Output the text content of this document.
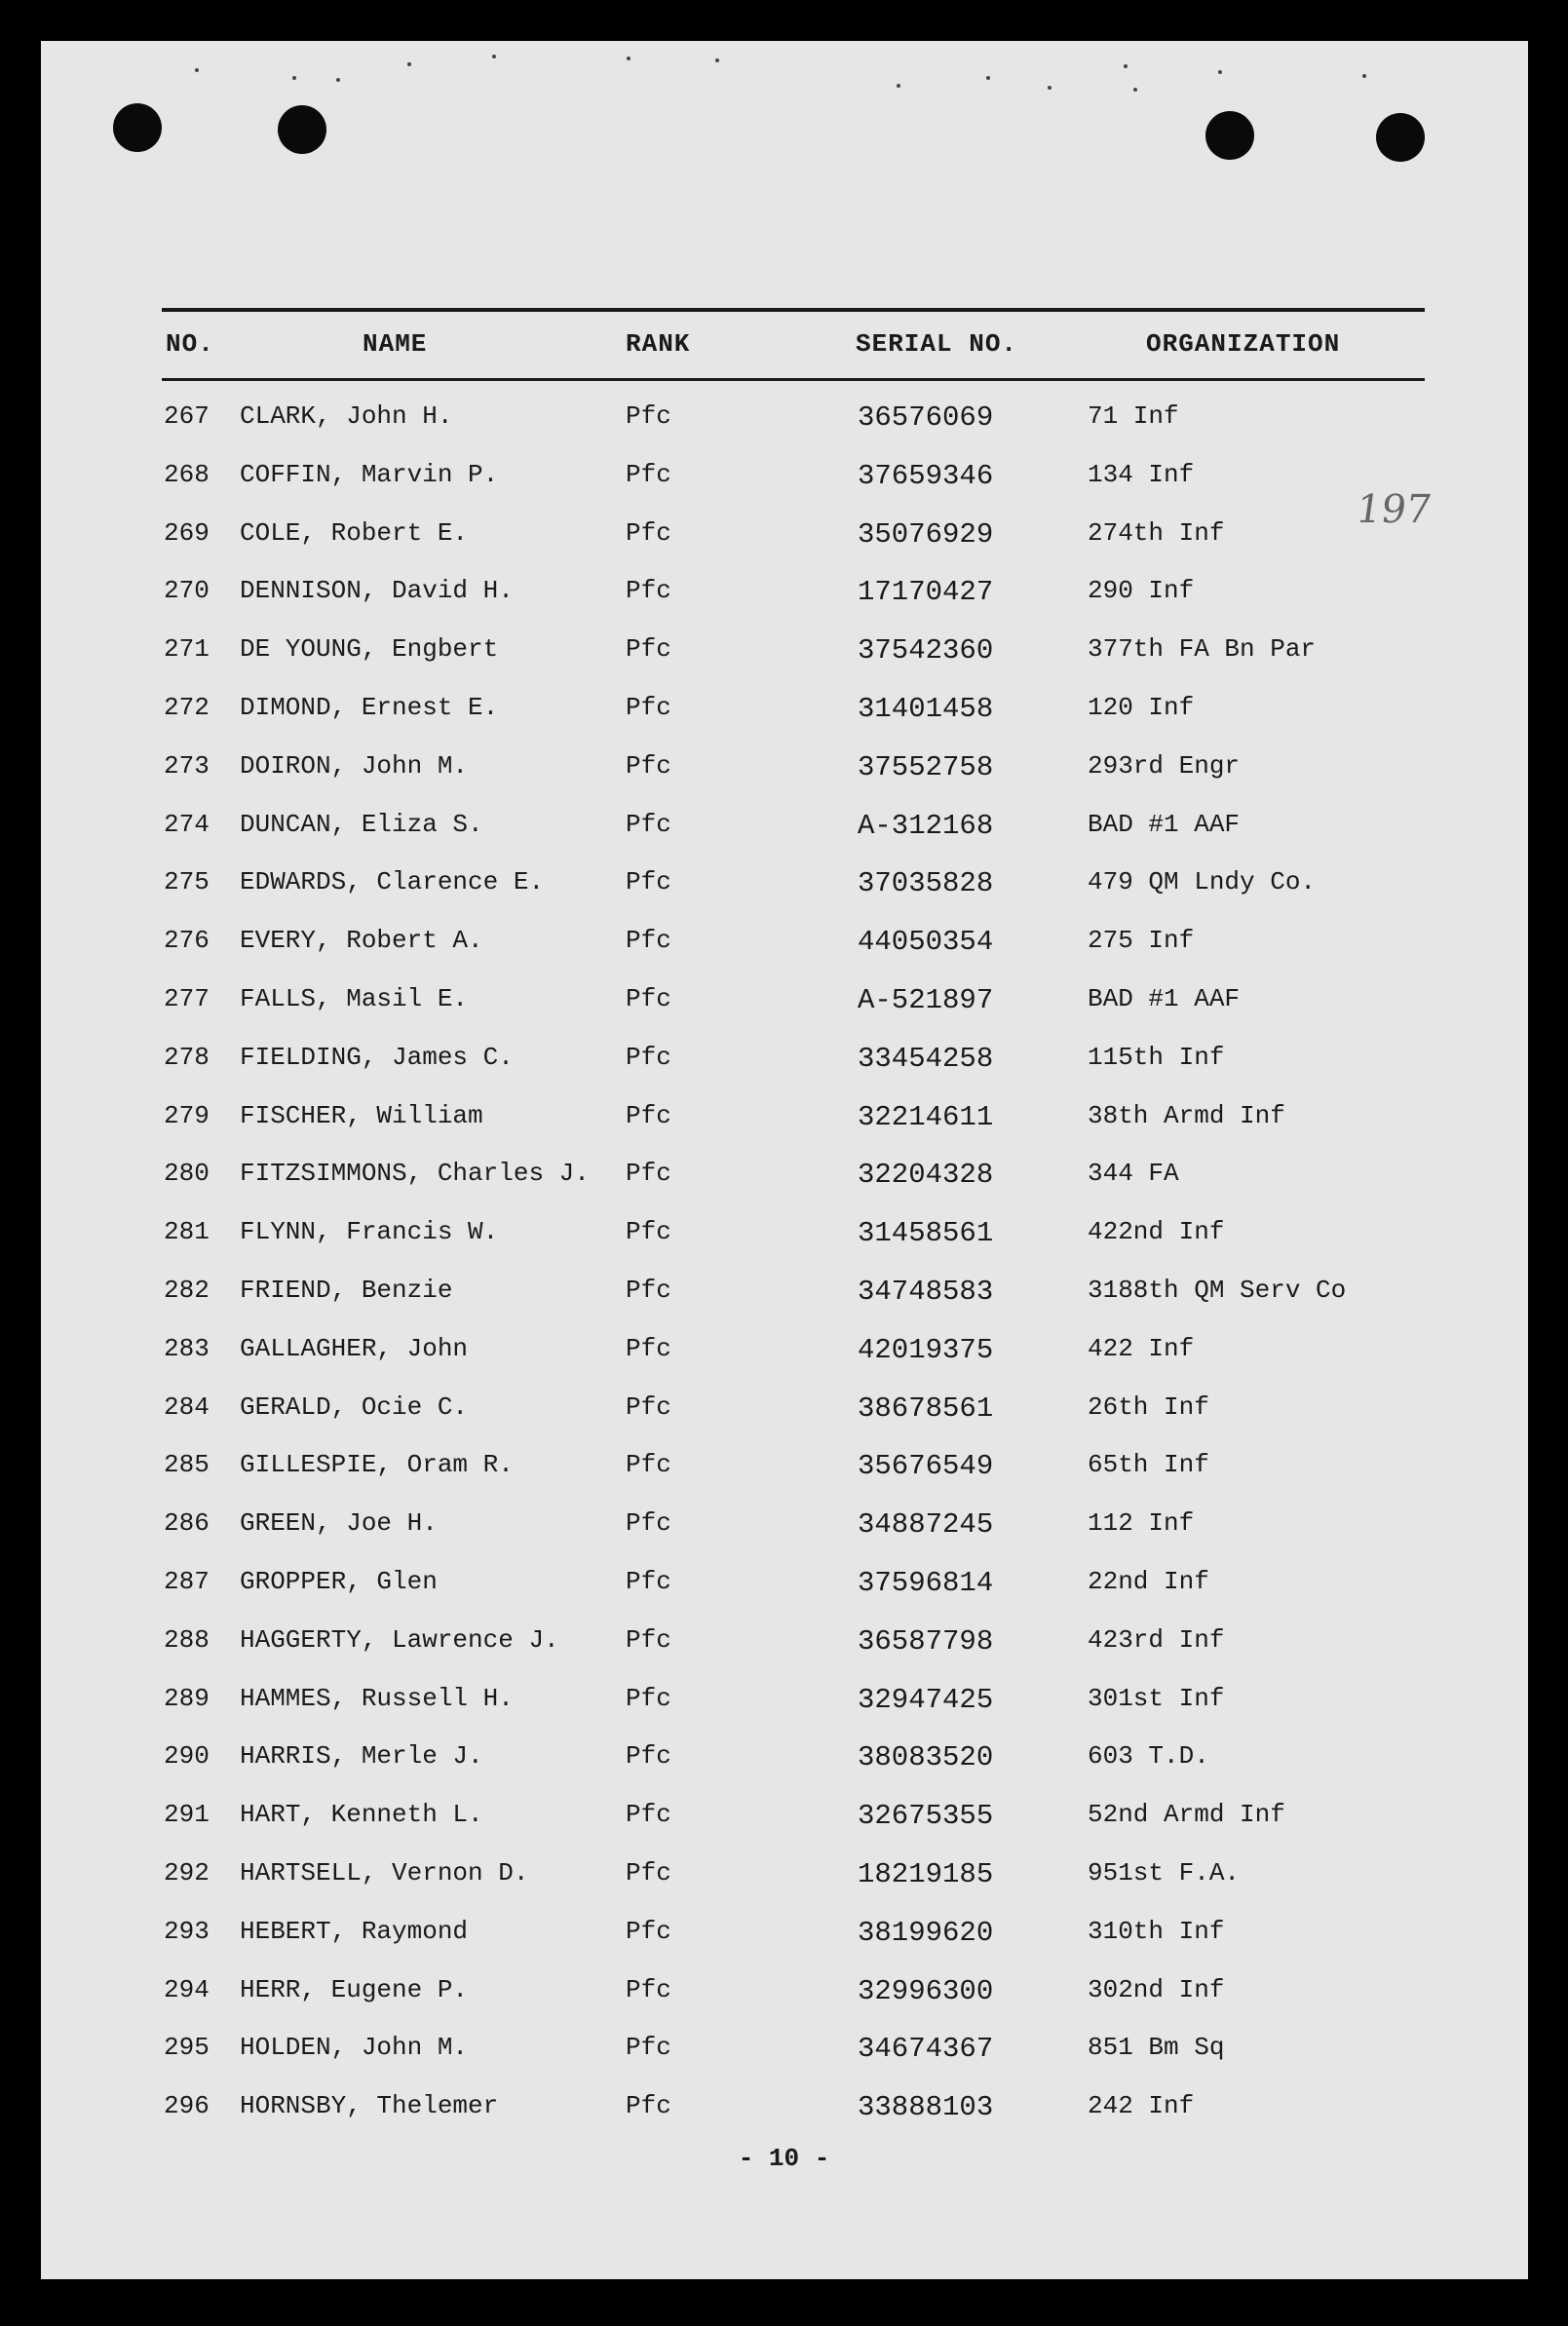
NO.	NAME	RANK	SERIAL NO.	ORGANIZATION
267 CLARK, John H.	Pfc	36576069	71 Inf
268 COFFIN, Marvin P.	Pfc	37659346	134 Inf
269 COLE, Robert E.	Pfc	35076929	274th Inf
270 DENNISON, David H.	Pfc	17170427	290 Inf
271 DE YOUNG, Engbert	Pfc	37542360	377th FA Bn Par
272 DIMOND, Ernest E.	Pfc	31401458	120 Inf
273 DOIRON, John M.	Pfc	37552758	293rd Engr
274 DUNCAN, Eliza S.	Pfc	A-312168	BAD #1 AAF
275 EDWARDS, Clarence E.	Pfc	37035828	479 QM Lndy Co.
276 EVERY, Robert A.	Pfc	44050354	275 Inf
277 FALLS, Masil E.	Pfc	A-521897	BAD #1 AAF
278 FIELDING, James C.	Pfc	33454258	115th Inf
279 FISCHER, William	Pfc	32214611	38th Armd Inf
280 FITZSIMMONS, Charles J. Pfc	32204328	344 FA
281 FLYNN, Francis W.	Pfc	31458561	422nd Inf
282 FRIEND, Benzie	Pfc	34748583	3188th QM Serv Co
283 GALLAGHER, John	Pfc	42019375	422 Inf
284 GERALD, Ocie C.	Pfc	38678561	26th Inf
285 GILLESPIE, Oram R.	Pfc	35676549	65th Inf
286 GREEN, Joe H.	Pfc	34887245	112 Inf
287 GROPPER, Glen	Pfc	37596814	22nd Inf
288 HAGGERTY, Lawrence J.	Pfc	36587798	423rd Inf
289 HAMMES, Russell H.	Pfc	32947425	301st Inf
290 HARRIS, Merle J.	Pfc	38083520	603 T.D.
291 HART, Kenneth L.	Pfc	32675355	52nd Armd Inf
292 HARTSELL, Vernon D.	Pfc	18219185	951st F.A.
293 HEBERT, Raymond	Pfc	38199620	310th Inf
294 HERR, Eugene P.	Pfc	32996300	302nd Inf
295 HOLDEN, John M.	Pfc	34674367	851 Bm Sq
296 HORNSBY, Thelemer	Pfc	33888103	242 Inf
197
- 10 -
